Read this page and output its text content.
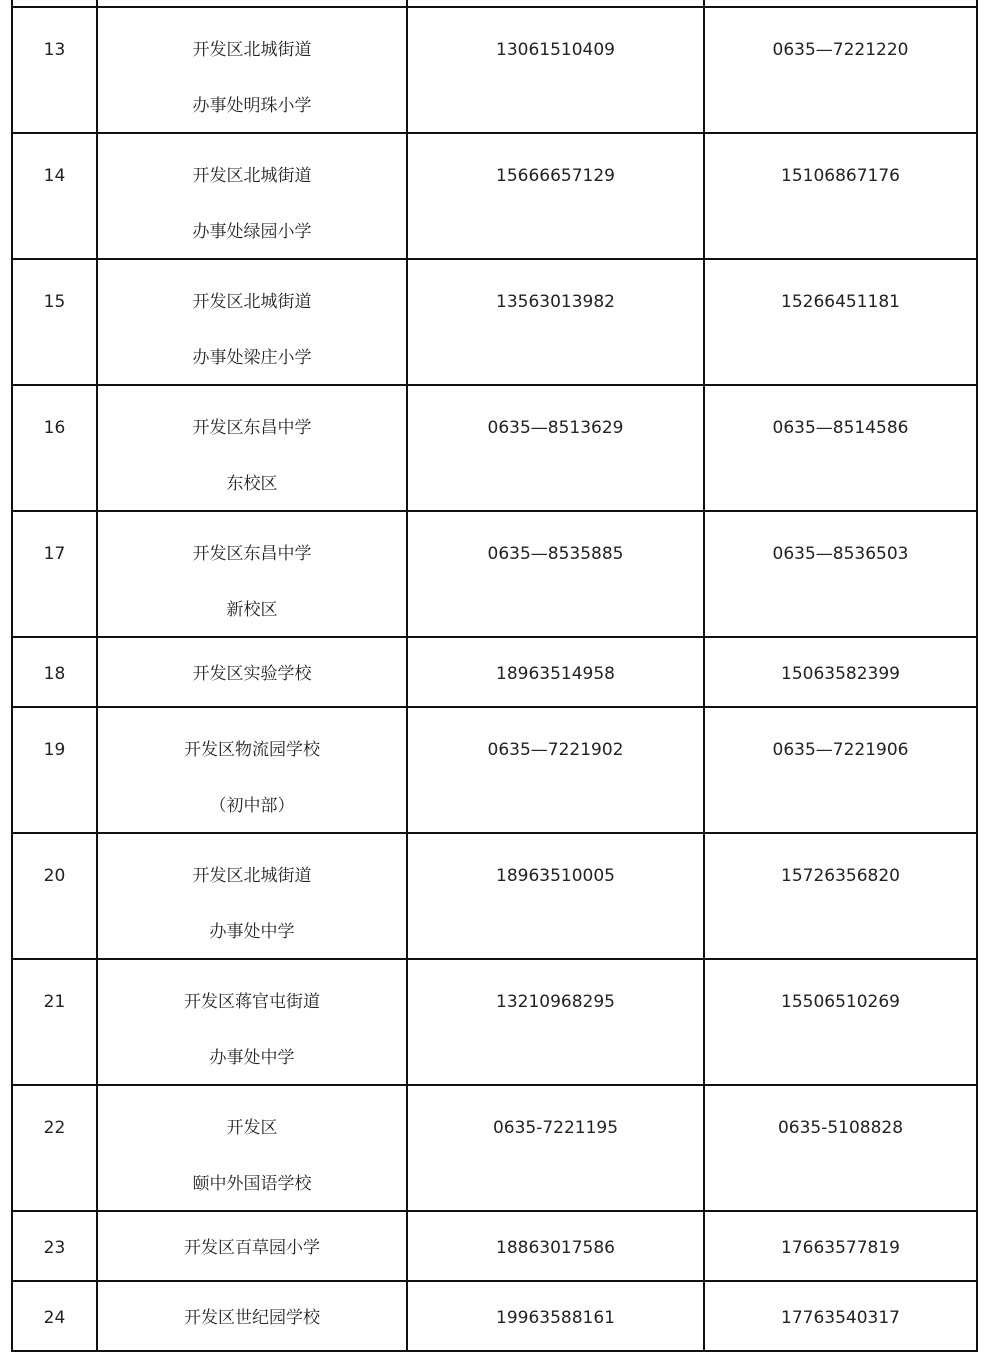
13	开发区北城街道
办事处明珠小学	13061510409	0635—7221220

14	开发区北城街道
办事处绿园小学	15666657129	15106867176

15	开发区北城街道
办事处梁庄小学	13563013982	15266451181

16	开发区东昌中学
东校区	0635—8513629	0635—8514586

17	开发区东昌中学
新校区	0635—8535885	0635—8536503

18	开发区实验学校	18963514958	15063582399

19	开发区物流园学校
（初中部）	0635—7221902	0635—7221906

20	开发区北城街道
办事处中学	18963510005	15726356820

21	开发区蒋官屯街道
办事处中学	13210968295	15506510269

22	开发区
颐中外国语学校	0635-7221195	0635-5108828

23	开发区百草园小学	18863017586	17663577819

24	开发区世纪园学校	19963588161	17763540317
